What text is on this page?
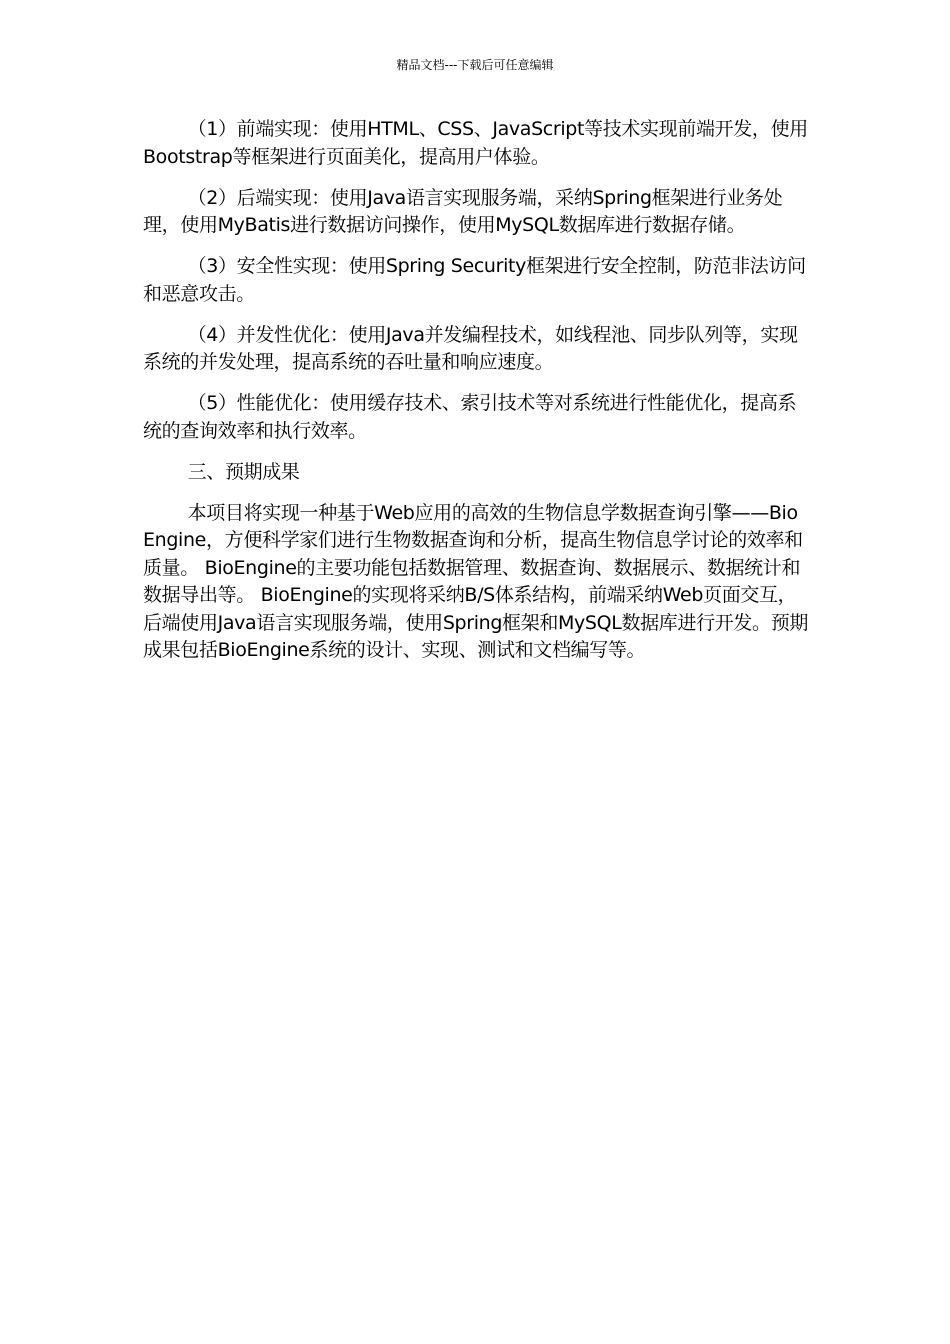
精品文档---下载后可任意编辑

（1）前端实现：使用HTML、CSS、JavaScript等技术实现前端开发，使用Bootstrap等框架进行页面美化，提高用户体验。

（2）后端实现：使用Java语言实现服务端，采纳Spring框架进行业务处理，使用MyBatis进行数据访问操作，使用MySQL数据库进行数据存储。

（3）安全性实现：使用Spring Security框架进行安全控制，防范非法访问和恶意攻击。

（4）并发性优化：使用Java并发编程技术，如线程池、同步队列等，实现系统的并发处理，提高系统的吞吐量和响应速度。

（5）性能优化：使用缓存技术、索引技术等对系统进行性能优化，提高系统的查询效率和执行效率。

三、预期成果

本项目将实现一种基于Web应用的高效的生物信息学数据查询引擎——BioEngine，方便科学家们进行生物数据查询和分析，提高生物信息学讨论的效率和质量。 BioEngine的主要功能包括数据管理、数据查询、数据展示、数据统计和数据导出等。 BioEngine的实现将采纳B/S体系结构，前端采纳Web页面交互，后端使用Java语言实现服务端，使用Spring框架和MySQL数据库进行开发。预期成果包括BioEngine系统的设计、实现、测试和文档编写等。
